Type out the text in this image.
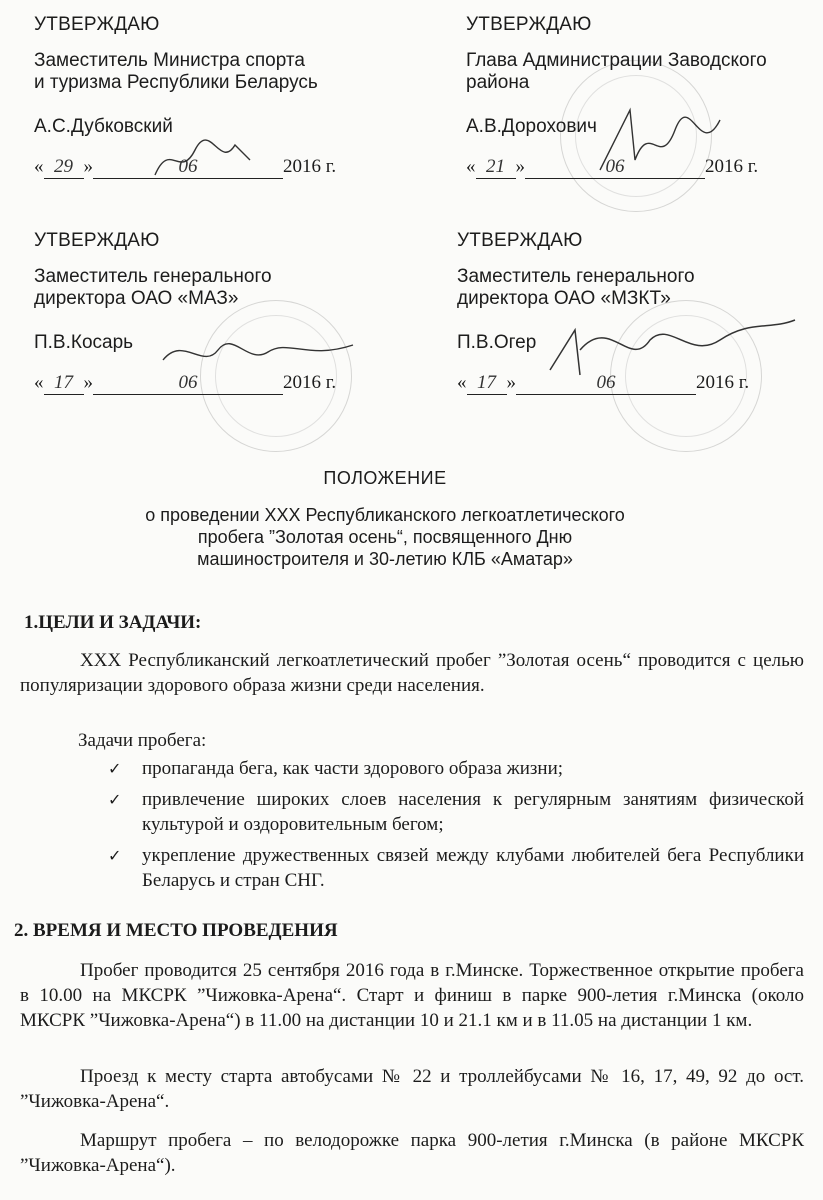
УТВЕРЖДАЮ
Заместитель Министра спорта
и туризма Республики Беларусь
А.С.Дубковский
« 29 »	06	2016 г.
УТВЕРЖДАЮ
Глава Администрации Заводского
района
А.В.Дорохович
« 21 »	06	2016 г.
УТВЕРЖДАЮ
Заместитель генерального
директора ОАО «МАЗ»
П.В.Косарь
« 17 »	06	2016 г.
УТВЕРЖДАЮ
Заместитель генерального
директора ОАО «МЗКТ»
П.В.Огер
« 17 »	06	2016 г.
ПОЛОЖЕНИЕ
о проведении ХХХ Республиканского легкоатлетического
пробега ”Золотая осень“, посвященного Дню
машиностроителя и 30-летию КЛБ «Аматар»
1.ЦЕЛИ И ЗАДАЧИ:
ХХХ Республиканский легкоатлетический пробег ”Золотая осень“ проводится с целью популяризации здорового образа жизни среди населения.
Задачи пробега:
✓ пропаганда бега, как части здорового образа жизни;
✓ привлечение широких слоев населения к регулярным занятиям физической культурой и оздоровительным бегом;
✓ укрепление дружественных связей между клубами любителей бега Республики Беларусь и стран СНГ.
2. ВРЕМЯ И МЕСТО ПРОВЕДЕНИЯ
Пробег проводится 25 сентября 2016 года в г.Минске. Торжественное открытие пробега в 10.00 на МКСРК ”Чижовка-Арена“. Старт и финиш в парке 900-летия г.Минска (около МКСРК ”Чижовка-Арена“) в 11.00 на дистанции 10 и 21.1 км и в 11.05 на дистанции 1 км.
Проезд к месту старта автобусами № 22 и троллейбусами № 16, 17, 49, 92 до ост. ”Чижовка-Арена“.
Маршрут пробега – по велодорожке парка 900-летия г.Минска (в районе МКСРК ”Чижовка-Арена“).
